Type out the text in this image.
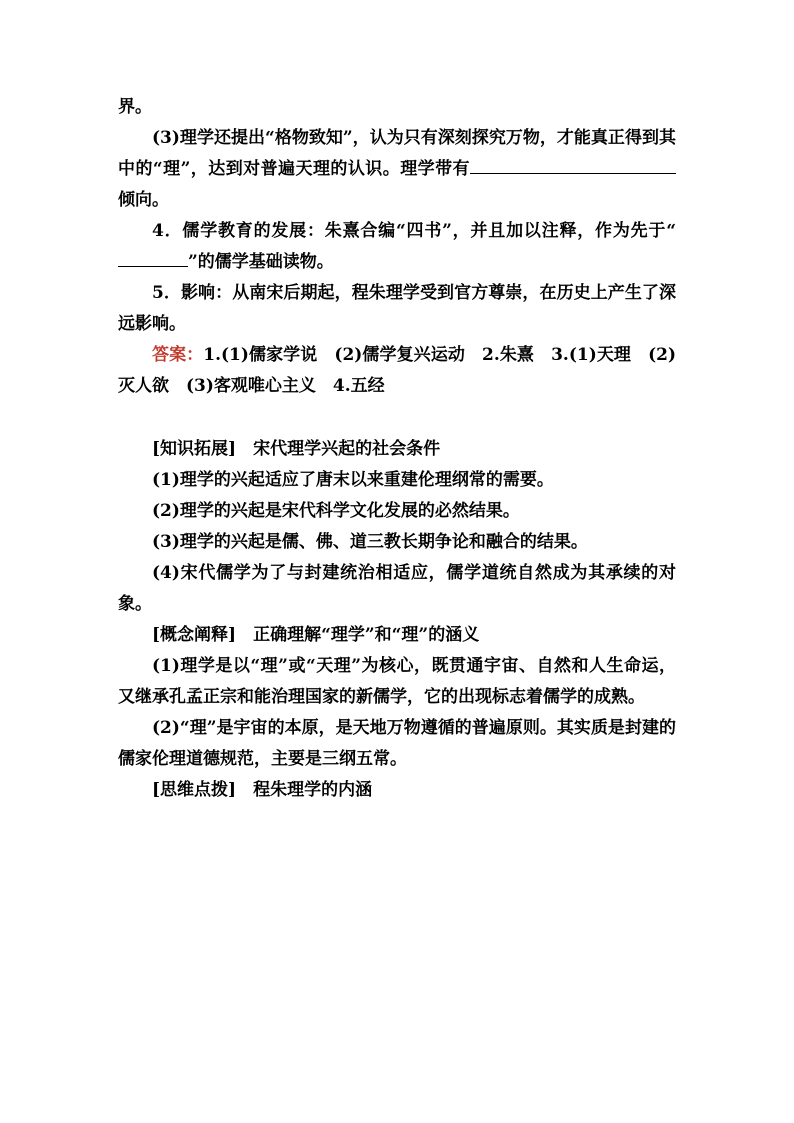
界。

(3)理学还提出“格物致知”，认为只有深刻探究万物，才能真正得到其中的“理”，达到对普遍天理的认识。理学带有倾向。

4．儒学教育的发展：朱熹合编“四书”，并且加以注释，作为先于“”的儒学基础读物。

5．影响：从南宋后期起，程朱理学受到官方尊崇，在历史上产生了深远影响。

答案：1.(1)儒家学说　(2)儒学复兴运动　2.朱熹　3.(1)天理　(2)灭人欲　(3)客观唯心主义　4.五经

[知识拓展]　宋代理学兴起的社会条件

(1)理学的兴起适应了唐末以来重建伦理纲常的需要。

(2)理学的兴起是宋代科学文化发展的必然结果。

(3)理学的兴起是儒、佛、道三教长期争论和融合的结果。

(4)宋代儒学为了与封建统治相适应，儒学道统自然成为其承续的对象。

[概念阐释]　正确理解“理学”和“理”的涵义

(1)理学是以“理”或“天理”为核心，既贯通宇宙、自然和人生命运，又继承孔孟正宗和能治理国家的新儒学，它的出现标志着儒学的成熟。

(2)“理”是宇宙的本原，是天地万物遵循的普遍原则。其实质是封建的儒家伦理道德规范，主要是三纲五常。

[思维点拨]　程朱理学的内涵
